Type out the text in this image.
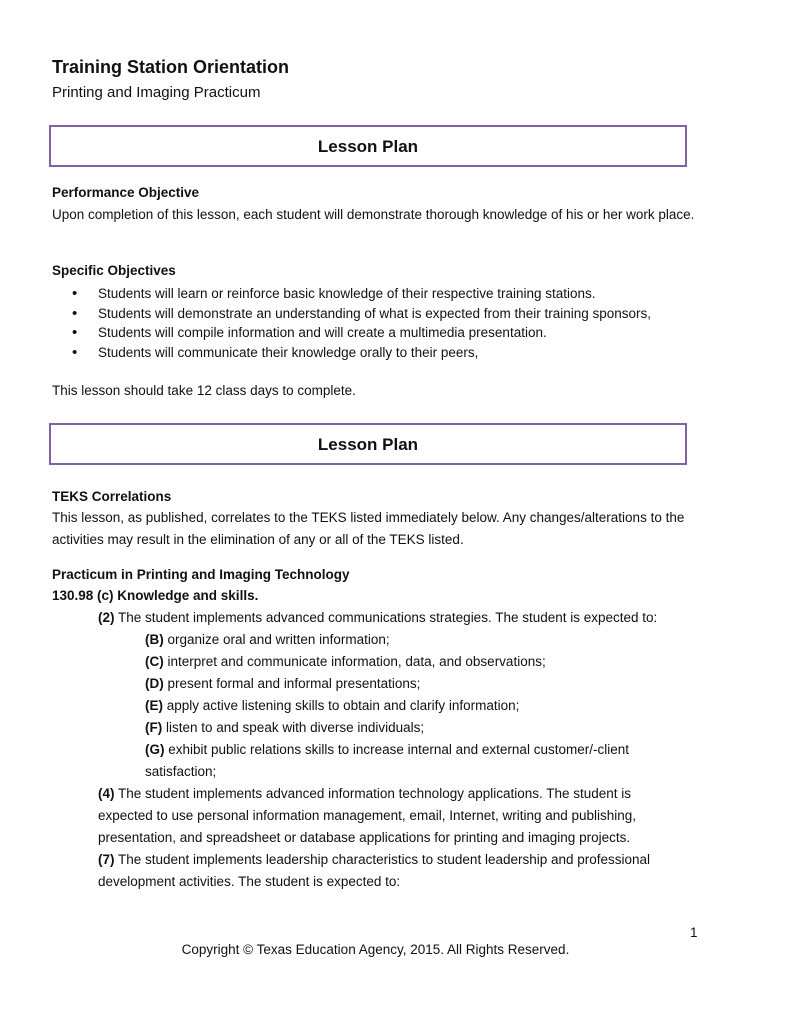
Training Station Orientation
Printing and Imaging Practicum
Lesson Plan
Performance Objective
Upon completion of this lesson, each student will demonstrate thorough knowledge of his or her work place.
Specific Objectives
• Students will learn or reinforce basic knowledge of their respective training stations.
• Students will demonstrate an understanding of what is expected from their training sponsors,
• Students will compile information and will create a multimedia presentation.
• Students will communicate their knowledge orally to their peers,
This lesson should take 12 class days to complete.
Lesson Plan
TEKS Correlations
This lesson, as published, correlates to the TEKS listed immediately below. Any changes/alterations to the activities may result in the elimination of any or all of the TEKS listed.
Practicum in Printing and Imaging Technology
130.98 (c) Knowledge and skills.
(2) The student implements advanced communications strategies. The student is expected to:
(B) organize oral and written information;
(C) interpret and communicate information, data, and observations;
(D) present formal and informal presentations;
(E) apply active listening skills to obtain and clarify information;
(F) listen to and speak with diverse individuals;
(G) exhibit public relations skills to increase internal and external customer/-client
satisfaction;
(4) The student implements advanced information technology applications. The student is
expected to use personal information management, email, Internet, writing and publishing,
presentation, and spreadsheet or database applications for printing and imaging projects.
(7) The student implements leadership characteristics to student leadership and professional
development activities. The student is expected to:
1
Copyright © Texas Education Agency, 2015. All Rights Reserved.
